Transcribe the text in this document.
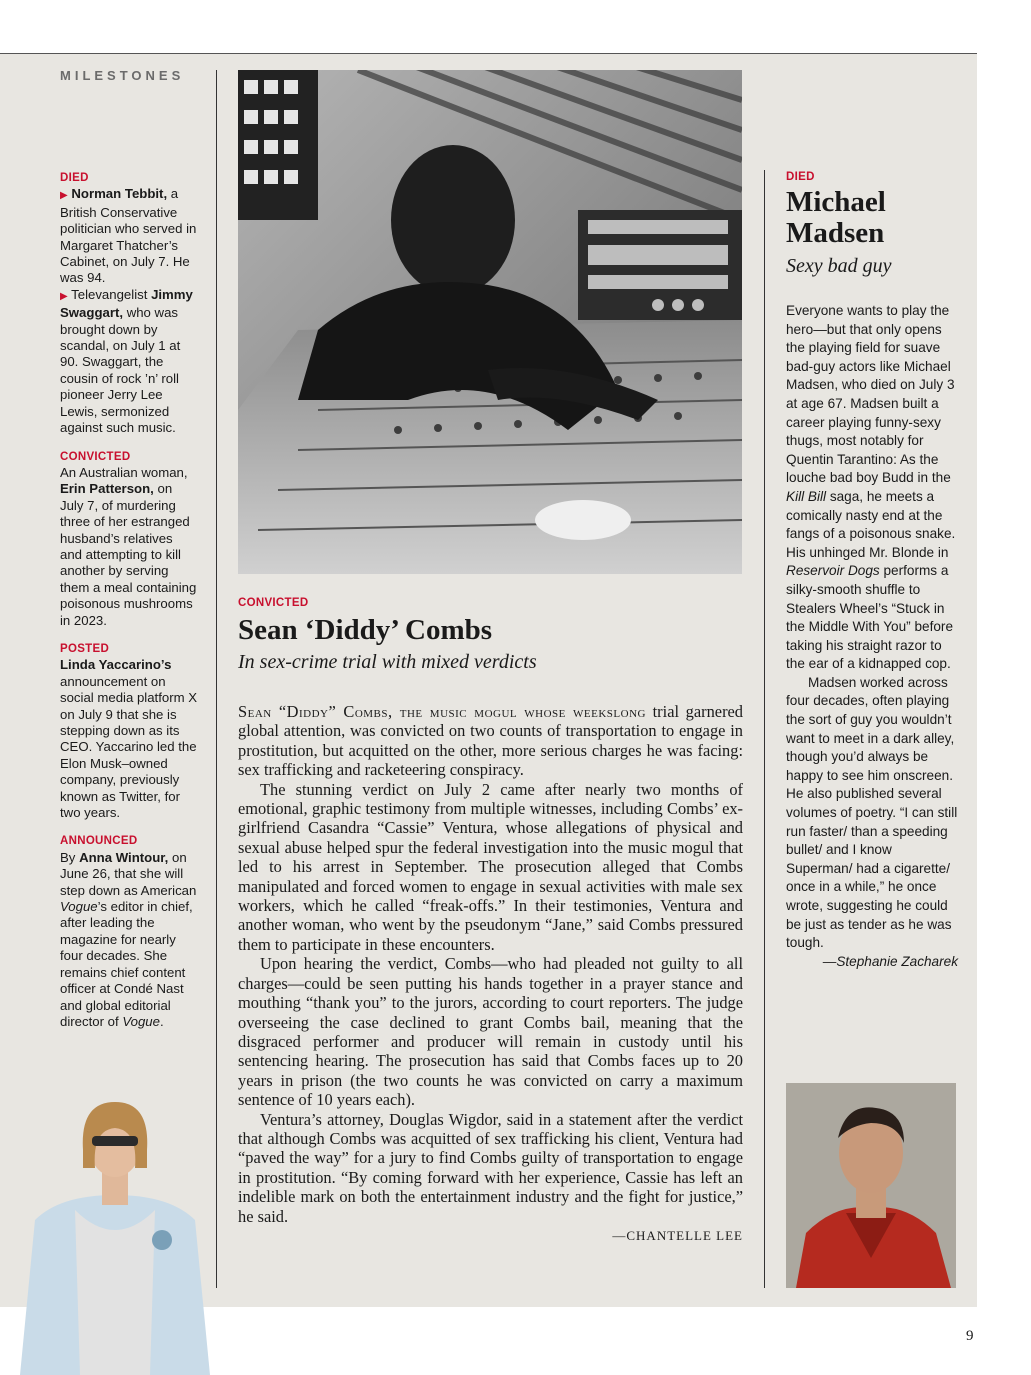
MILESTONES
DIED
▶ Norman Tebbit, a British Conservative politician who served in Margaret Thatcher’s Cabinet, on July 7. He was 94.
▶ Televangelist Jimmy Swaggart, who was brought down by scandal, on July 1 at 90. Swaggart, the cousin of rock ’n’ roll pioneer Jerry Lee Lewis, sermonized against such music.
CONVICTED
An Australian woman, Erin Patterson, on July 7, of murdering three of her estranged husband’s relatives and attempting to kill another by serving them a meal containing poisonous mushrooms in 2023.
POSTED
Linda Yaccarino’s announcement on social media platform X on July 9 that she is stepping down as its CEO. Yaccarino led the Elon Musk–owned company, previously known as Twitter, for two years.
ANNOUNCED
By Anna Wintour, on June 26, that she will step down as American Vogue’s editor in chief, after leading the magazine for nearly four decades. She remains chief content officer at Condé Nast and global editorial director of Vogue.
CONVICTED
Sean ‘Diddy’ Combs
In sex-crime trial with mixed verdicts

Sean “Diddy” Combs, the music mogul whose weekslong trial garnered global attention, was convicted on two counts of transportation to engage in prostitution, but acquitted on the other, more serious charges he was facing: sex trafficking and racketeering conspiracy.

The stunning verdict on July 2 came after nearly two months of emotional, graphic testimony from multiple witnesses, including Combs’ ex-girlfriend Casandra “Cassie” Ventura, whose allegations of physical and sexual abuse helped spur the federal investigation into the music mogul that led to his arrest in September. The prosecution alleged that Combs manipulated and forced women to engage in sexual activities with male sex workers, which he called “freak-offs.” In their testimonies, Ventura and another woman, who went by the pseudonym “Jane,” said Combs pressured them to participate in these encounters.

Upon hearing the verdict, Combs—who had pleaded not guilty to all charges—could be seen putting his hands together in a prayer stance and mouthing “thank you” to the jurors, according to court reporters. The judge overseeing the case declined to grant Combs bail, meaning that the disgraced performer and producer will remain in custody until his sentencing hearing. The prosecution has said that Combs faces up to 20 years in prison (the two counts he was convicted on carry a maximum sentence of 10 years each).

Ventura’s attorney, Douglas Wigdor, said in a statement after the verdict that although Combs was acquitted of sex trafficking his client, Ventura had “paved the way” for a jury to find Combs guilty of transportation to engage in prostitution. “By coming forward with her experience, Cassie has left an indelible mark on both the entertainment industry and the fight for justice,” he said.

—CHANTELLE LEE
DIED
Michael
Madsen
Sexy bad guy

Everyone wants to play the hero—but that only opens the playing field for suave bad-guy actors like Michael Madsen, who died on July 3 at age 67. Madsen built a career playing funny-sexy thugs, most notably for Quentin Tarantino: As the louche bad boy Budd in the Kill Bill saga, he meets a comically nasty end at the fangs of a poisonous snake. His unhinged Mr. Blonde in Reservoir Dogs performs a silky-smooth shuffle to Stealers Wheel’s “Stuck in the Middle With You” before taking his straight razor to the ear of a kidnapped cop.

Madsen worked across four decades, often playing the sort of guy you wouldn’t want to meet in a dark alley, though you’d always be happy to see him onscreen. He also published several volumes of poetry. “I can still run faster/ than a speeding bullet/ and I know Superman/ had a cigarette/ once in a while,” he once wrote, suggesting he could be just as tender as he was tough.

—Stephanie Zacharek
9
